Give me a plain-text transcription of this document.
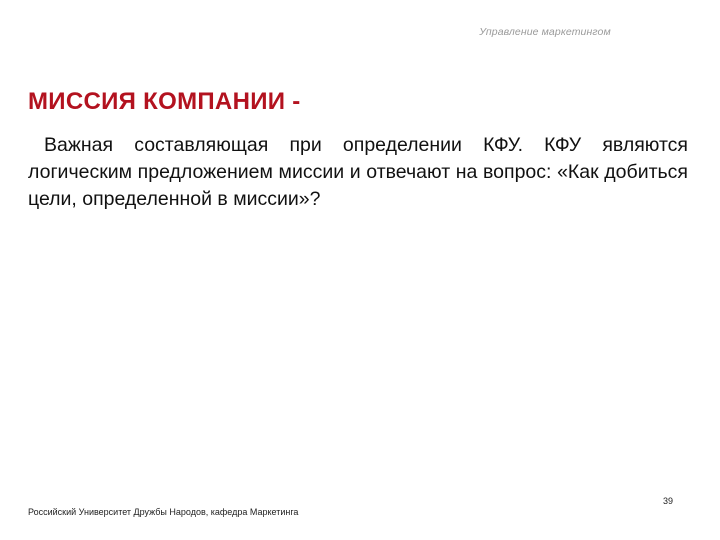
Управление маркетингом
МИССИЯ КОМПАНИИ -

Важная составляющая при определении КФУ. КФУ являются логическим предложением миссии и отвечают на вопрос: «Как добиться цели, определенной в миссии»?

39
Российский Университет Дружбы Народов, кафедра Маркетинга
